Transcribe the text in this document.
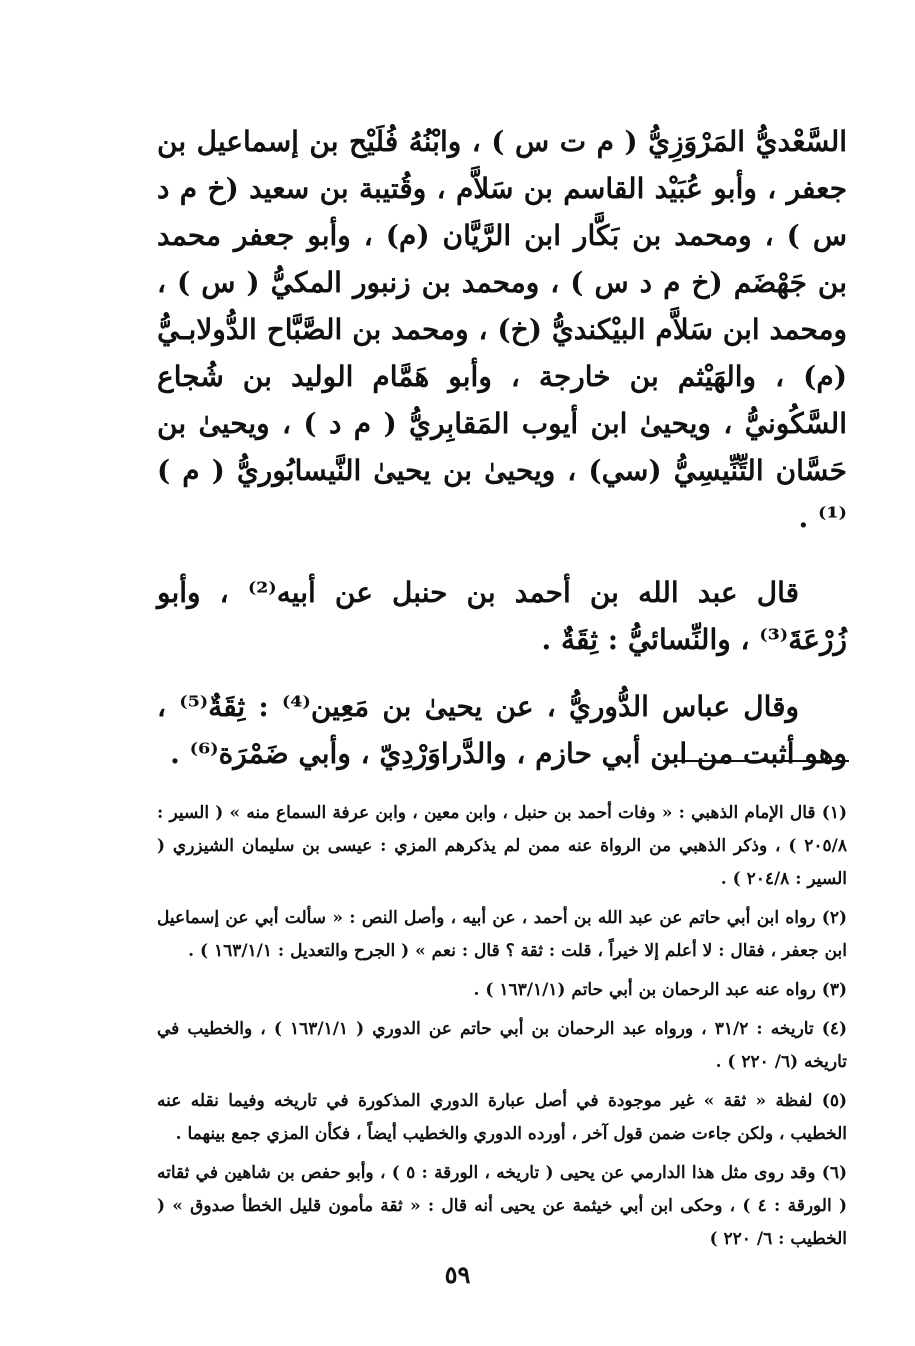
السَّعْديُّ المَرْوَزِيُّ ( م ت س ) ، وابْنُهُ فُلَيْح بن إسماعيل بن جعفر ، وأبو عُبَيْد القاسم بن سَلاَّم ، وقُتيبة بن سعيد (خ م د س ) ، ومحمد بن بَكَّار ابن الرَّيَّان (م) ، وأبو جعفر محمد بن جَهْضَم (خ م د س ) ، ومحمد بن زنبور المكيُّ ( س ) ، ومحمد ابن سَلاَّم البيْكنديُّ (خ) ، ومحمد بن الصَّبَّاح الدُّولابـيُّ (م) ، والهَيْثم بن خارجة ، وأبو هَمَّام الوليد بن شُجاع السَّكُونيُّ ، ويحيىٰ ابن أيوب المَقابِريُّ ( م د ) ، ويحيىٰ بن حَسَّان التِّنِّيسِيُّ (سي) ، ويحيىٰ بن يحيىٰ النَّيسابُوريُّ ( م )⁽¹⁾ .

قال عبد الله بن أحمد بن حنبل عن أبيه⁽²⁾ ، وأبو زُرْعَةَ⁽³⁾ ، والنِّسائيُّ : ثِقَةٌ .

وقال عباس الدُّوريُّ ، عن يحيىٰ بن مَعِين⁽⁴⁾ : ثِقَةٌ⁽⁵⁾ ، وهو أثبت من ابن أبي حازم ، والدَّراوَرْدِيّ ، وأبي ضَمْرَة⁽⁶⁾ .

(١) قال الإمام الذهبي : « وفات أحمد بن حنبل ، وابن معين ، وابن عرفة السماع منه » ( السير : ٢٠٥/٨ ) ، وذكر الذهبي من الرواة عنه ممن لم يذكرهم المزي : عيسى بن سليمان الشيزري ( السير : ٢٠٤/٨ ) .

(٢) رواه ابن أبي حاتم عن عبد الله بن أحمد ، عن أبيه ، وأصل النص : « سألت أبي عن إسماعيل ابن جعفر ، فقال : لا أعلم إلا خيراً ، قلت : ثقة ؟ قال : نعم » ( الجرح والتعديل : ١٦٣/١/١ ) .

(٣) رواه عنه عبد الرحمان بن أبي حاتم (١٦٣/١/١ ) .

(٤) تاريخه : ٣١/٢ ، ورواه عبد الرحمان بن أبي حاتم عن الدوري ( ١٦٣/١/١ ) ، والخطيب في تاريخه (٦/ ٢٢٠ ) .

(٥) لفظة « ثقة » غير موجودة في أصل عبارة الدوري المذكورة في تاريخه وفيما نقله عنه الخطيب ، ولكن جاءت ضمن قول آخر ، أورده الدوري والخطيب أيضاً ، فكأن المزي جمع بينهما .

(٦) وقد روى مثل هذا الدارمي عن يحيى ( تاريخه ، الورقة : ٥ ) ، وأبو حفص بن شاهين في ثقاته ( الورقة : ٤ ) ، وحكى ابن أبي خيثمة عن يحيى أنه قال : « ثقة مأمون قليل الخطأ صدوق » ( الخطيب : ٦/ ٢٢٠ )

٥٩
